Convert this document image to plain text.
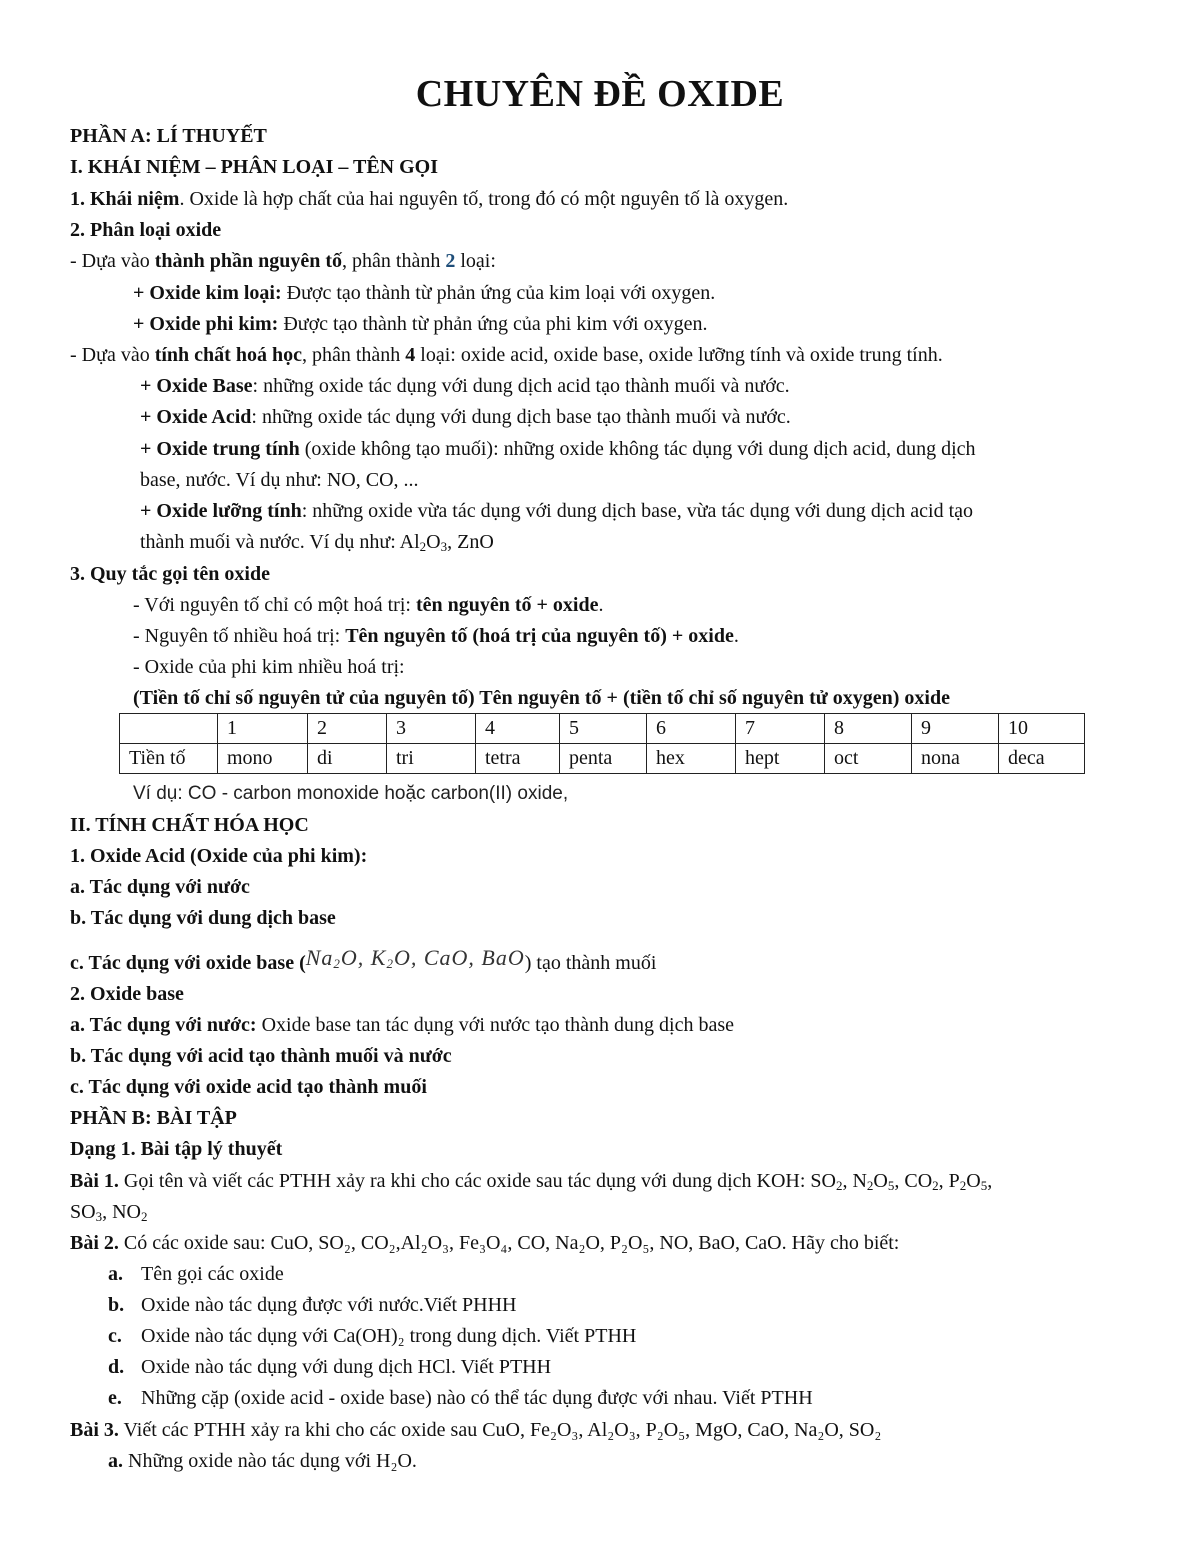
CHUYÊN ĐỀ OXIDE
PHẦN A: LÍ THUYẾT
I. KHÁI NIỆM – PHÂN LOẠI – TÊN GỌI
1. Khái niệm. Oxide là hợp chất của hai nguyên tố, trong đó có một nguyên tố là oxygen.
2. Phân loại oxide
- Dựa vào thành phần nguyên tố, phân thành 2 loại:
+ Oxide kim loại: Được tạo thành từ phản ứng của kim loại với oxygen.
+ Oxide phi kim: Được tạo thành từ phản ứng của phi kim với oxygen.
- Dựa vào tính chất hoá học, phân thành 4 loại: oxide acid, oxide base, oxide lưỡng tính và oxide trung tính.
+ Oxide Base: những oxide tác dụng với dung dịch acid tạo thành muối và nước.
+ Oxide Acid: những oxide tác dụng với dung dịch base tạo thành muối và nước.
+ Oxide trung tính (oxide không tạo muối): những oxide không tác dụng với dung dịch acid, dung dịch
base, nước. Ví dụ như: NO, CO, ...
+ Oxide lưỡng tính: những oxide vừa tác dụng với dung dịch base, vừa tác dụng với dung dịch acid tạo
thành muối và nước. Ví dụ như: $Al_2O_3$, ZnO
3. Quy tắc gọi tên oxide
- Với nguyên tố chỉ có một hoá trị: tên nguyên tố + oxide.
- Nguyên tố nhiều hoá trị: Tên nguyên tố (hoá trị của nguyên tố) + oxide.
- Oxide của phi kim nhiều hoá trị:
(Tiền tố chỉ số nguyên tử của nguyên tố) Tên nguyên tố + (tiền tố chỉ số nguyên tử oxygen) oxide
	1	2	3	4	5	6	7	8	9	10
Tiền tố	mono	di	tri	tetra	penta	hex	hept	oct	nona	deca
Ví dụ: CO - carbon monoxide hoặc carbon(II) oxide,
II. TÍNH CHẤT HÓA HỌC
1. Oxide Acid (Oxide của phi kim):
a. Tác dụng với nước
b. Tác dụng với dung dịch base
c. Tác dụng với oxide base ($Na_2O$, $K_2O$, CaO, BaO) tạo thành muối
2. Oxide base
a. Tác dụng với nước: Oxide base tan tác dụng với nước tạo thành dung dịch base
b. Tác dụng với acid tạo thành muối và nước
c. Tác dụng với oxide acid tạo thành muối
PHẦN B: BÀI TẬP
Dạng 1. Bài tập lý thuyết
Bài 1. Gọi tên và viết các PTHH xảy ra khi cho các oxide sau tác dụng với dung dịch KOH: $SO_2$, $N_2O_5$, $CO_2$, $P_2O_5$,
$SO_3$, $NO_2$
Bài 2. Có các oxide sau: CuO, SO₂, CO₂,Al₂O₃, Fe₃O₄, CO, Na₂O, P₂O₅, NO, BaO, CaO. Hãy cho biết:
a. Tên gọi các oxide
b. Oxide nào tác dụng được với nước.Viết PHHH
c. Oxide nào tác dụng với Ca(OH)₂ trong dung dịch. Viết PTHH
d. Oxide nào tác dụng với dung dịch HCl. Viết PTHH
e. Những cặp (oxide acid - oxide base) nào có thể tác dụng được với nhau. Viết PTHH
Bài 3. Viết các PTHH xảy ra khi cho các oxide sau CuO, Fe₂O₃, Al₂O₃, P₂O₅, MgO, CaO, Na₂O, SO₂
a. Những oxide nào tác dụng với H₂O.
